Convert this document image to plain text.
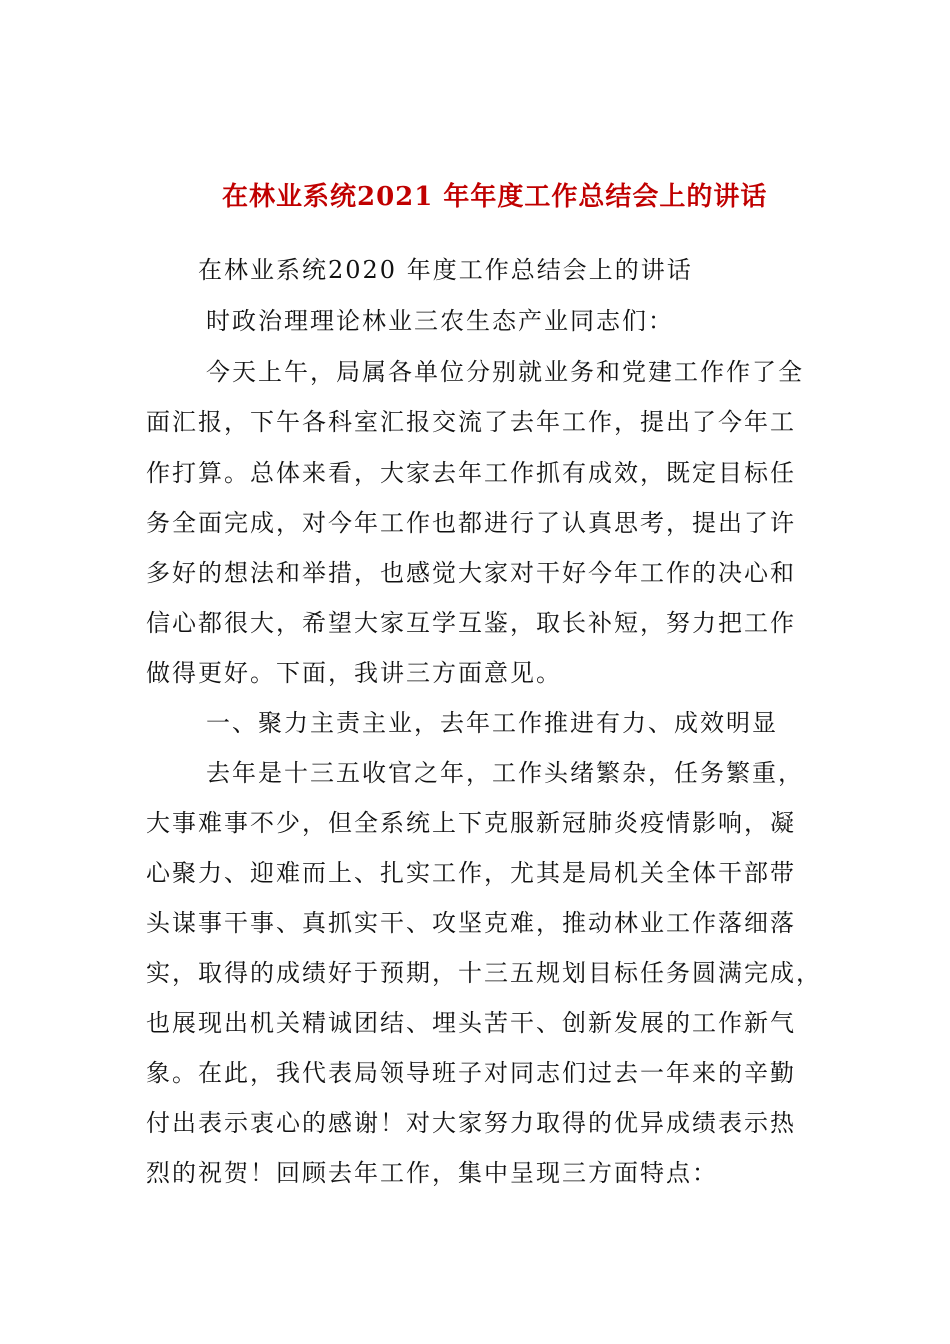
在林业系统2021 年年度工作总结会上的讲话
在林业系统2020 年度工作总结会上的讲话
时政治理理论林业三农生态产业同志们：
今天上午，局属各单位分别就业务和党建工作作了全
面汇报，下午各科室汇报交流了去年工作，提出了今年工
作打算。总体来看，大家去年工作抓有成效，既定目标任
务全面完成，对今年工作也都进行了认真思考，提出了许
多好的想法和举措，也感觉大家对干好今年工作的决心和
信心都很大，希望大家互学互鉴，取长补短，努力把工作
做得更好。下面，我讲三方面意见。
一、聚力主责主业，去年工作推进有力、成效明显
去年是十三五收官之年，工作头绪繁杂，任务繁重，
大事难事不少，但全系统上下克服新冠肺炎疫情影响，凝
心聚力、迎难而上、扎实工作，尤其是局机关全体干部带
头谋事干事、真抓实干、攻坚克难，推动林业工作落细落
实，取得的成绩好于预期，十三五规划目标任务圆满完成，
也展现出机关精诚团结、埋头苦干、创新发展的工作新气
象。在此，我代表局领导班子对同志们过去一年来的辛勤
付出表示衷心的感谢！对大家努力取得的优异成绩表示热
烈的祝贺！回顾去年工作，集中呈现三方面特点：
